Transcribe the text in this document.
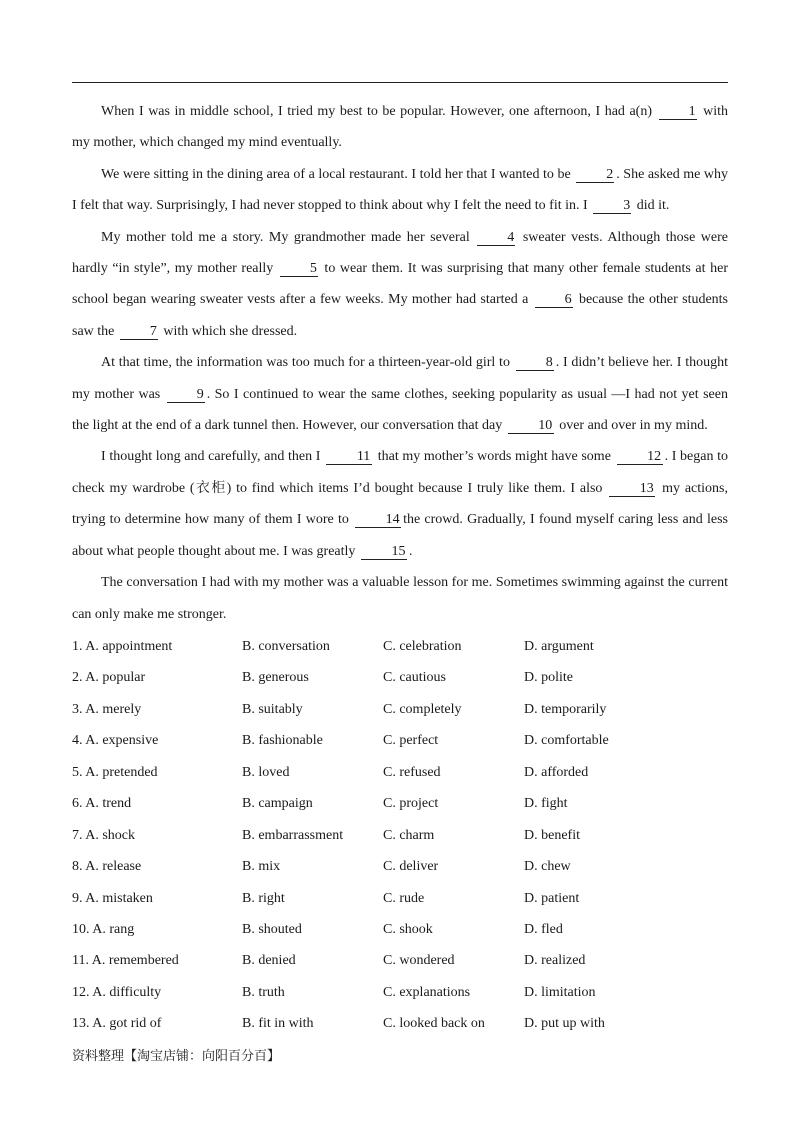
When I was in middle school, I tried my best to be popular. However, one afternoon, I had a(n) 1 with my mother, which changed my mind eventually.

We were sitting in the dining area of a local restaurant. I told her that I wanted to be 2 . She asked me why I felt that way. Surprisingly, I had never stopped to think about why I felt the need to fit in. I 3 did it.

My mother told me a story. My grandmother made her several 4 sweater vests. Although those were hardly “in style”, my mother really 5 to wear them. It was surprising that many other female students at her school began wearing sweater vests after a few weeks. My mother had started a 6 because the other students saw the 7 with which she dressed.

At that time, the information was too much for a thirteen-year-old girl to 8 . I didn’t believe her. I thought my mother was 9 . So I continued to wear the same clothes, seeking popularity as usual —I had not yet seen the light at the end of a dark tunnel then. However, our conversation that day 10 over and over in my mind.

I thought long and carefully, and then I 11 that my mother’s words might have some 12 . I began to check my wardrobe (衣柜) to find which items I’d bought because I truly like them. I also 13 my actions, trying to determine how many of them I wore to 14 the crowd. Gradually, I found myself caring less and less about what people thought about me. I was greatly 15 .

The conversation I had with my mother was a valuable lesson for me. Sometimes swimming against the current can only make me stronger.

1. A. appointment	B. conversation	C. celebration	D. argument
2. A. popular	B. generous	C. cautious	D. polite
3. A. merely	B. suitably	C. completely	D. temporarily
4. A. expensive	B. fashionable	C. perfect	D. comfortable
5. A. pretended	B. loved	C. refused	D. afforded
6. A. trend	B. campaign	C. project	D. fight
7. A. shock	B. embarrassment	C. charm	D. benefit
8. A. release	B. mix	C. deliver	D. chew
9. A. mistaken	B. right	C. rude	D. patient
10. A. rang	B. shouted	C. shook	D. fled
11. A. remembered	B. denied	C. wondered	D. realized
12. A. difficulty	B. truth	C. explanations	D. limitation
13. A. got rid of	B. fit in with	C. looked back on	D. put up with
资料整理【淘宝店铺：向阳百分百】
